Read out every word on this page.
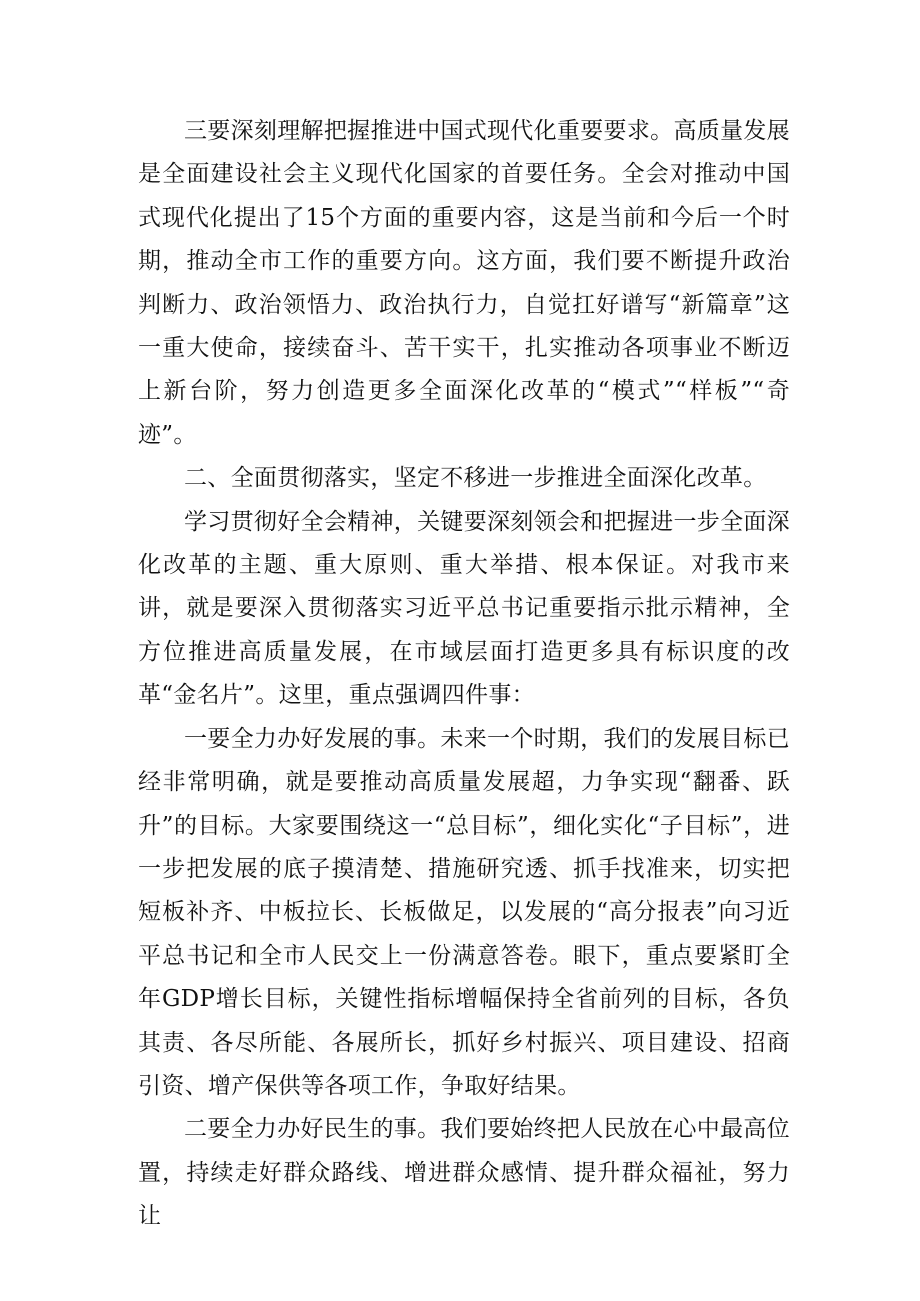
三要深刻理解把握推进中国式现代化重要要求。高质量发展是全面建设社会主义现代化国家的首要任务。全会对推动中国式现代化提出了15个方面的重要内容，这是当前和今后一个时期，推动全市工作的重要方向。这方面，我们要不断提升政治判断力、政治领悟力、政治执行力，自觉扛好谱写“新篇章”这一重大使命，接续奋斗、苦干实干，扎实推动各项事业不断迈上新台阶，努力创造更多全面深化改革的“模式”“样板”“奇迹”。

二、全面贯彻落实，坚定不移进一步推进全面深化改革。

学习贯彻好全会精神，关键要深刻领会和把握进一步全面深化改革的主题、重大原则、重大举措、根本保证。对我市来讲，就是要深入贯彻落实习近平总书记重要指示批示精神，全方位推进高质量发展，在市域层面打造更多具有标识度的改革“金名片”。这里，重点强调四件事：

一要全力办好发展的事。未来一个时期，我们的发展目标已经非常明确，就是要推动高质量发展超，力争实现“翻番、跃升”的目标。大家要围绕这一“总目标”，细化实化“子目标”，进一步把发展的底子摸清楚、措施研究透、抓手找准来，切实把短板补齐、中板拉长、长板做足，以发展的“高分报表”向习近平总书记和全市人民交上一份满意答卷。眼下，重点要紧盯全年GDP增长目标，关键性指标增幅保持全省前列的目标，各负其责、各尽所能、各展所长，抓好乡村振兴、项目建设、招商引资、增产保供等各项工作，争取好结果。

二要全力办好民生的事。我们要始终把人民放在心中最高位置，持续走好群众路线、增进群众感情、提升群众福祉，努力让
